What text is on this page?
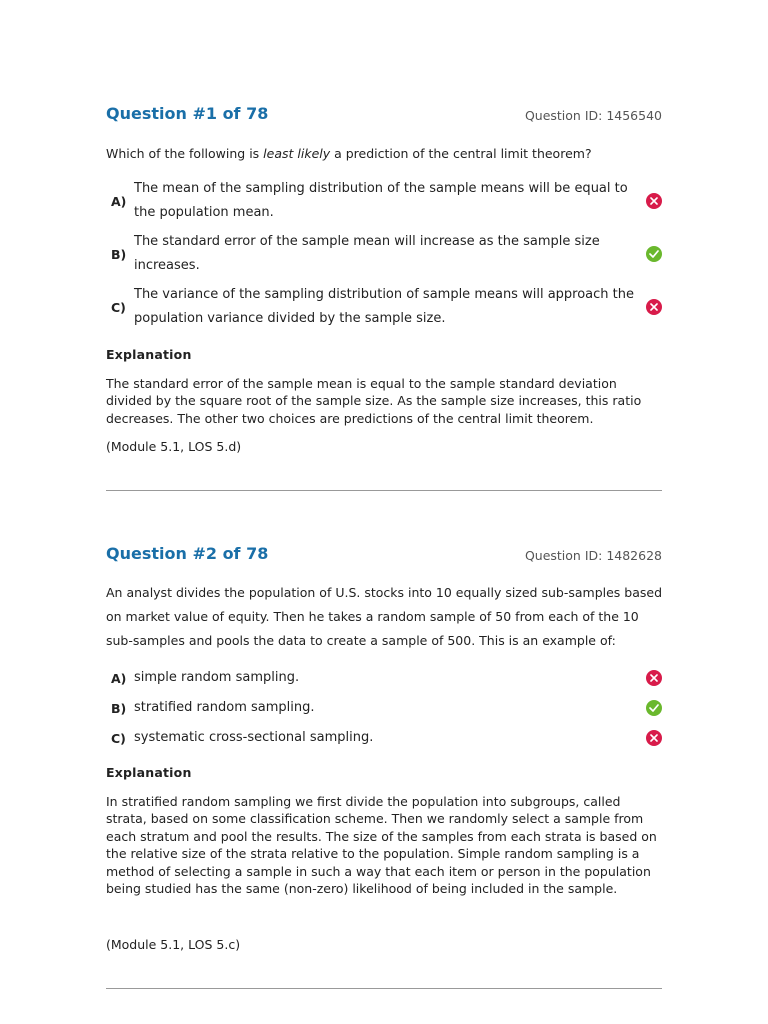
Question #1 of 78	Question ID: 1456540
Which of the following is least likely a prediction of the central limit theorem?
A)
The mean of the sampling distribution of the sample means will be equal to the population mean.
B)
The standard error of the sample mean will increase as the sample size increases.
C)
The variance of the sampling distribution of sample means will approach the population variance divided by the sample size.
Explanation
The standard error of the sample mean is equal to the sample standard deviation divided by the square root of the sample size. As the sample size increases, this ratio decreases. The other two choices are predictions of the central limit theorem.
(Module 5.1, LOS 5.d)
Question #2 of 78	Question ID: 1482628
An analyst divides the population of U.S. stocks into 10 equally sized sub-samples based on market value of equity. Then he takes a random sample of 50 from each of the 10 sub-samples and pools the data to create a sample of 500. This is an example of:
A) simple random sampling.
B) stratified random sampling.
C) systematic cross-sectional sampling.
Explanation
In stratified random sampling we first divide the population into subgroups, called strata, based on some classification scheme. Then we randomly select a sample from each stratum and pool the results. The size of the samples from each strata is based on the relative size of the strata relative to the population. Simple random sampling is a method of selecting a sample in such a way that each item or person in the population being studied has the same (non-zero) likelihood of being included in the sample.
(Module 5.1, LOS 5.c)
